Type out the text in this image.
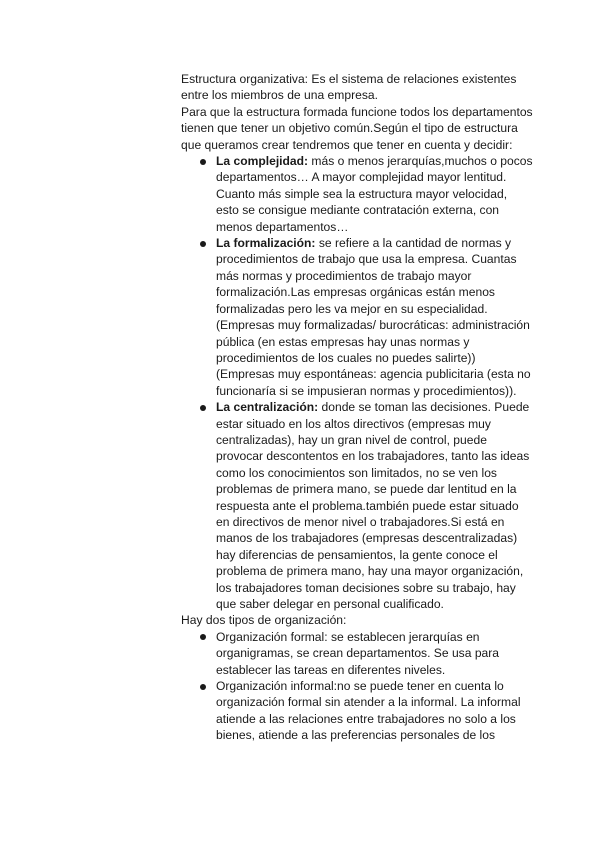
Estructura organizativa: Es el sistema de relaciones existentes entre los miembros de una empresa.

Para que la estructura formada funcione todos los departamentos tienen que tener un objetivo común.Según el tipo de estructura que queramos crear tendremos que tener en cuenta y decidir:

La complejidad: más o menos jerarquías,muchos o pocos departamentos… A mayor complejidad mayor lentitud. Cuanto más simple sea la estructura mayor velocidad, esto se consigue mediante contratación externa, con menos departamentos…
La formalización: se refiere a la cantidad de normas y procedimientos de trabajo que usa la empresa. Cuantas más normas y procedimientos de trabajo mayor formalización.Las empresas orgánicas están menos formalizadas pero les va mejor en su especialidad. (Empresas muy formalizadas/ burocráticas: administración pública (en estas empresas hay unas normas y procedimientos de los cuales no puedes salirte)) (Empresas muy espontáneas: agencia publicitaria (esta no funcionaría si se impusieran normas y procedimientos)).
La centralización: donde se toman las decisiones. Puede estar situado en los altos directivos (empresas muy centralizadas), hay un gran nivel de control, puede provocar descontentos en los trabajadores, tanto las ideas como los conocimientos son limitados, no se ven los problemas de primera mano, se puede dar lentitud en la respuesta ante el problema.también puede estar situado en directivos de menor nivel o trabajadores.Si está en manos de los trabajadores (empresas descentralizadas) hay diferencias de pensamientos, la gente conoce el problema de primera mano, hay una mayor organización, los trabajadores toman decisiones sobre su trabajo, hay que saber delegar en personal cualificado.

Hay dos tipos de organización:

Organización formal: se establecen jerarquías en organigramas, se crean departamentos. Se usa para establecer las tareas en diferentes niveles.
Organización informal:no se puede tener en cuenta lo organización formal sin atender a la informal. La informal atiende a las relaciones entre trabajadores no solo a los bienes, atiende a las preferencias personales de los
